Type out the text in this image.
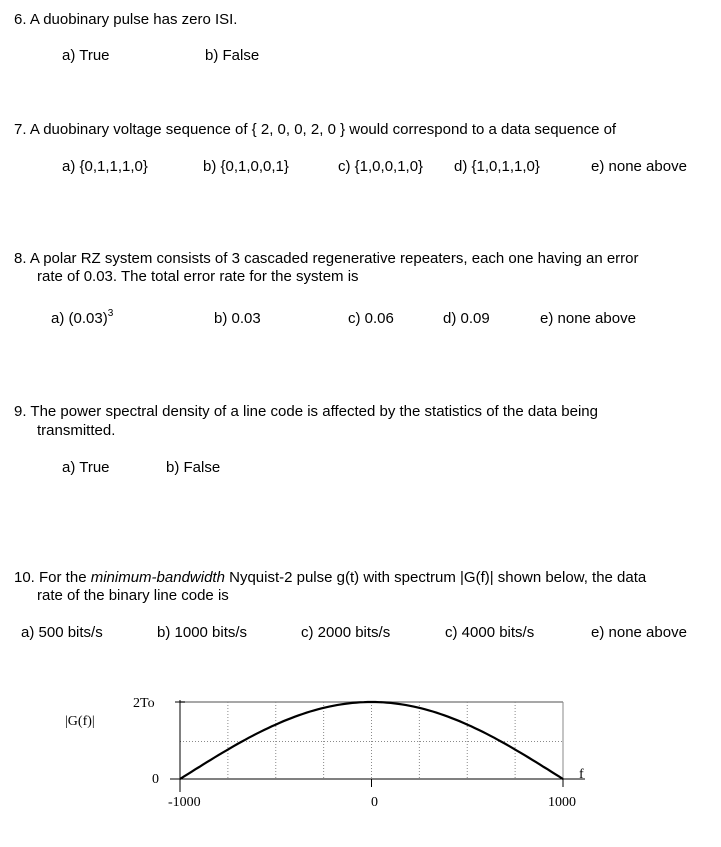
6. A duobinary pulse has zero ISI.
a) True	b) False
7. A duobinary voltage sequence of { 2, 0, 0, 2, 0 } would correspond to a data sequence of
a) {0,1,1,1,0}	b) {0,1,0,0,1}	c) {1,0,0,1,0} d) {1,0,1,1,0}	e) none above
8. A polar RZ system consists of 3 cascaded regenerative repeaters, each one having an error
rate of 0.03. The total error rate for the system is
a) $(0.03)^3$	b) 0.03	c) 0.06	d) 0.09	e) none above
9. The power spectral density of a line code is affected by the statistics of the data being
transmitted.
a) True	b) False
10. For the minimum-bandwidth Nyquist-2 pulse g(t) with spectrum |G(f)| shown below, the data
rate of the binary line code is
a) 500 bits/s	b) 1000 bits/s	c) 2000 bits/s	c) 4000 bits/s	e) none above
|G(f)|
2To
0	f
-1000	0	1000
